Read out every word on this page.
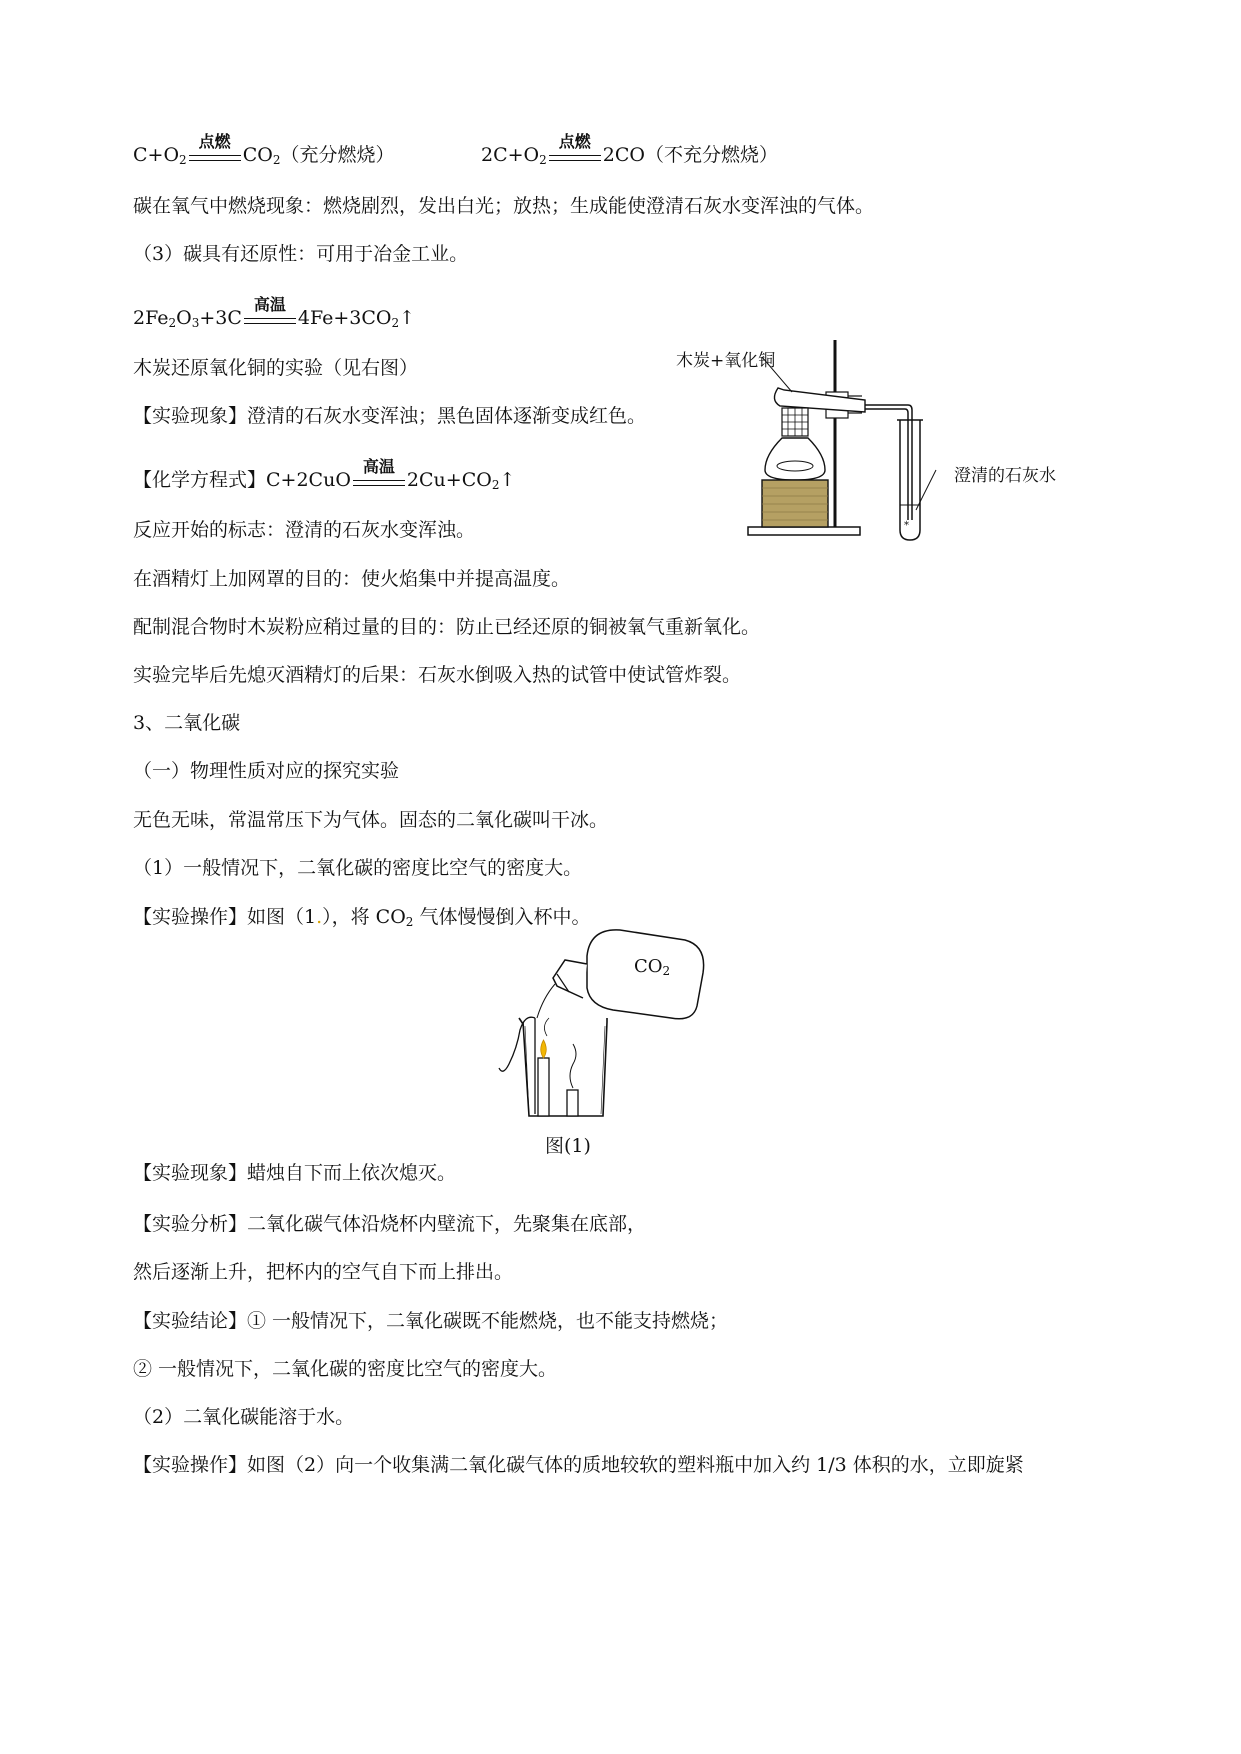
$C+O_2$
点燃
$CO_2$（充分燃烧）	$2C+O_2$
点燃
2CO（不充分燃烧）
碳在氧气中燃烧现象：燃烧剧烈，发出白光；放热；生成能使澄清石灰水变浑浊的气体。
（3）碳具有还原性：可用于冶金工业。
$2Fe_2O_3+3C$
高温
$4Fe+3CO_2↑$
木炭还原氧化铜的实验（见右图）
【实验现象】澄清的石灰水变浑浊；黑色固体逐渐变成红色。
【化学方程式】C+2CuO
高温
$2Cu+CO_2↑$
反应开始的标志：澄清的石灰水变浑浊。
在酒精灯上加网罩的目的：使火焰集中并提高温度。
配制混合物时木炭粉应稍过量的目的：防止已经还原的铜被氧气重新氧化。
实验完毕后先熄灭酒精灯的后果：石灰水倒吸入热的试管中使试管炸裂。
3、二氧化碳
（一）物理性质对应的探究实验
无色无味，常温常压下为气体。固态的二氧化碳叫干冰。
（1）一般情况下，二氧化碳的密度比空气的密度大。
【实验操作】如图（1.），将 $CO_2$ 气体慢慢倒入杯中。
⁎
木炭+氧化铜
澄清的石灰水
$CO_2$
图(1)
【实验现象】蜡烛自下而上依次熄灭。
【实验分析】二氧化碳气体沿烧杯内壁流下，先聚集在底部，
然后逐渐上升，把杯内的空气自下而上排出。
【实验结论】① 一般情况下，二氧化碳既不能燃烧，也不能支持燃烧；
② 一般情况下，二氧化碳的密度比空气的密度大。
（2）二氧化碳能溶于水。
【实验操作】如图（2）向一个收集满二氧化碳气体的质地较软的塑料瓶中加入约 1/3 体积的水，立即旋紧
